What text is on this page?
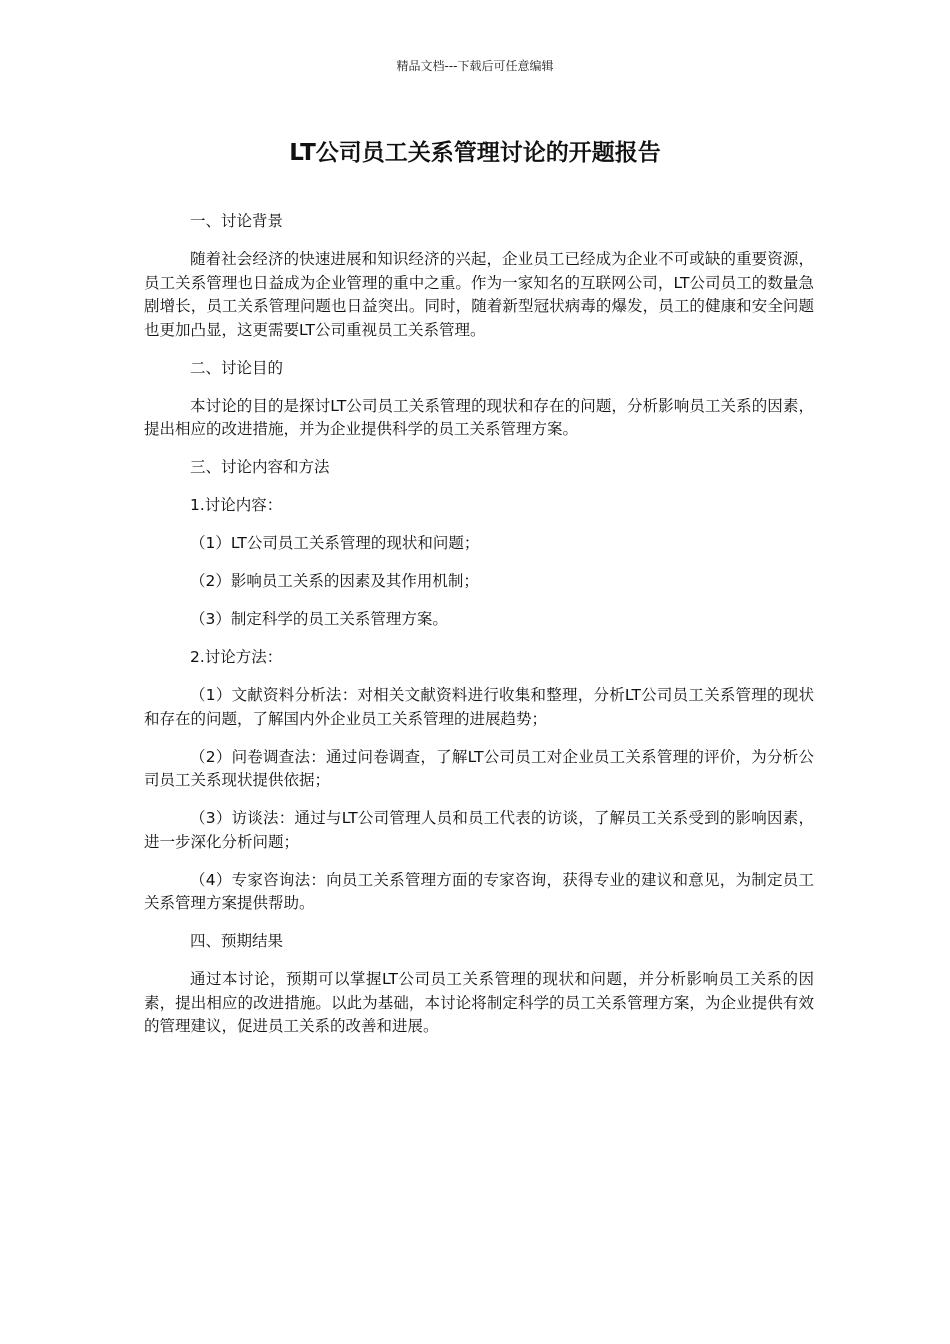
精品文档---下载后可任意编辑
LT公司员工关系管理讨论的开题报告

一、讨论背景

随着社会经济的快速进展和知识经济的兴起，企业员工已经成为企业不可或缺的重要资源，员工关系管理也日益成为企业管理的重中之重。作为一家知名的互联网公司，LT公司员工的数量急剧增长，员工关系管理问题也日益突出。同时，随着新型冠状病毒的爆发，员工的健康和安全问题也更加凸显，这更需要LT公司重视员工关系管理。

二、讨论目的

本讨论的目的是探讨LT公司员工关系管理的现状和存在的问题，分析影响员工关系的因素，提出相应的改进措施，并为企业提供科学的员工关系管理方案。

三、讨论内容和方法

1.讨论内容：

（1）LT公司员工关系管理的现状和问题；

（2）影响员工关系的因素及其作用机制；

（3）制定科学的员工关系管理方案。

2.讨论方法：

（1）文献资料分析法：对相关文献资料进行收集和整理，分析LT公司员工关系管理的现状和存在的问题，了解国内外企业员工关系管理的进展趋势；

（2）问卷调查法：通过问卷调查，了解LT公司员工对企业员工关系管理的评价，为分析公司员工关系现状提供依据；

（3）访谈法：通过与LT公司管理人员和员工代表的访谈，了解员工关系受到的影响因素，进一步深化分析问题；

（4）专家咨询法：向员工关系管理方面的专家咨询，获得专业的建议和意见，为制定员工关系管理方案提供帮助。

四、预期结果

通过本讨论，预期可以掌握LT公司员工关系管理的现状和问题，并分析影响员工关系的因素，提出相应的改进措施。以此为基础，本讨论将制定科学的员工关系管理方案，为企业提供有效的管理建议，促进员工关系的改善和进展。
